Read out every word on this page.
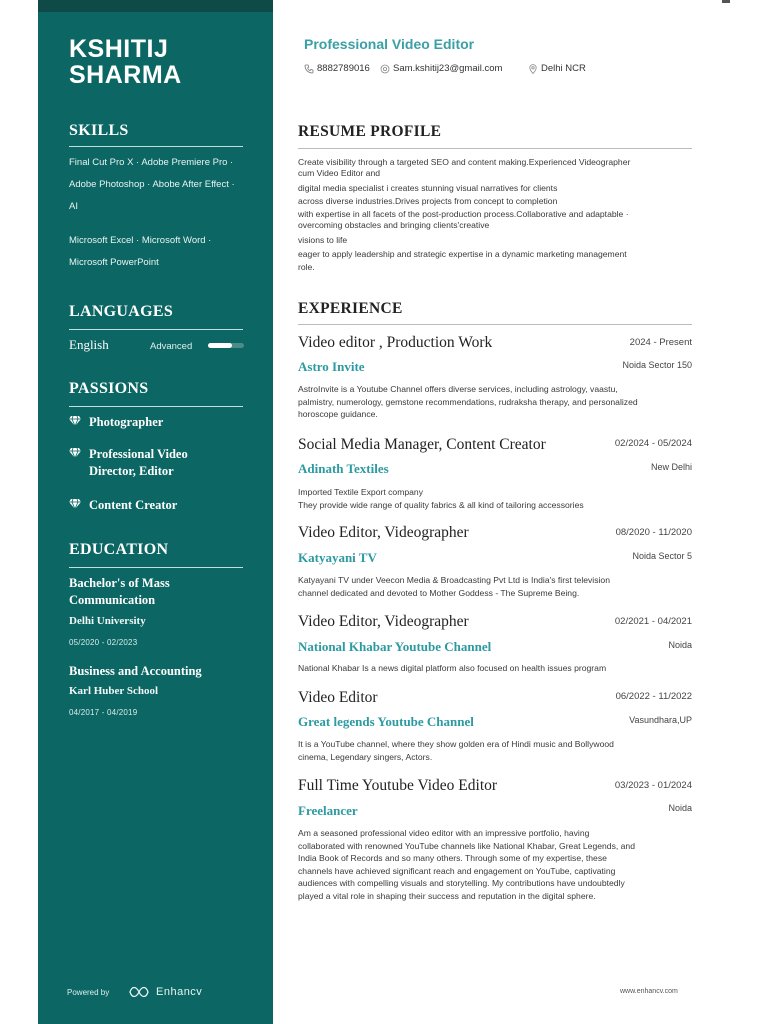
KSHITIJ
SHARMA
SKILLS
Final Cut Pro X · Adobe Premiere Pro ·
Adobe Photoshop · Abobe After Effect ·
AI
Microsoft Excel · Microsoft Word ·
Microsoft PowerPoint
LANGUAGES
English	Advanced
PASSIONS
Photographer
Professional Video
Director, Editor
Content Creator
EDUCATION
Bachelor's of Mass
Communication
Delhi University
05/2020 - 02/2023
Business and Accounting
Karl Huber School
04/2017 - 04/2019
Powered by	Enhancv
Professional Video Editor
8882789016 Sam.kshitij23@gmail.com	Delhi NCR
RESUME PROFILE
Create visibility through a targeted SEO and content making.Experienced Videographer
cum Video Editor and
digital media specialist i creates stunning visual narratives for clients
across diverse industries.Drives projects from concept to completion
with expertise in all facets of the post-production process.Collaborative and adaptable ·
overcoming obstacles and bringing clients'creative
visions to life
eager to apply leadership and strategic expertise in a dynamic marketing management
role.
EXPERIENCE
Video editor , Production Work	2024 - Present
Astro Invite	Noida Sector 150
AstroInvite is a Youtube Channel offers diverse services, including astrology, vaastu,
palmistry, numerology, gemstone recommendations, rudraksha therapy, and personalized
horoscope guidance.
Social Media Manager, Content Creator	02/2024 - 05/2024
Adinath Textiles	New Delhi
Imported Textile Export company
They provide wide range of quality fabrics & all kind of tailoring accessories
Video Editor, Videographer	08/2020 - 11/2020
Katyayani TV	Noida Sector 5
Katyayani TV under Veecon Media & Broadcasting Pvt Ltd is India's first television
channel dedicated and devoted to Mother Goddess - The Supreme Being.
Video Editor, Videographer	02/2021 - 04/2021
National Khabar Youtube Channel	Noida
National Khabar Is a news digital platform also focused on health issues program
Video Editor	06/2022 - 11/2022
Great legends Youtube Channel	Vasundhara,UP
It is a YouTube channel, where they show golden era of Hindi music and Bollywood
cinema, Legendary singers, Actors.
Full Time Youtube Video Editor	03/2023 - 01/2024
Freelancer	Noida
Am a seasoned professional video editor with an impressive portfolio, having
collaborated with renowned YouTube channels like National Khabar, Great Legends, and
India Book of Records and so many others. Through some of my expertise, these
channels have achieved significant reach and engagement on YouTube, captivating
audiences with compelling visuals and storytelling. My contributions have undoubtedly
played a vital role in shaping their success and reputation in the digital sphere.
www.enhancv.com
